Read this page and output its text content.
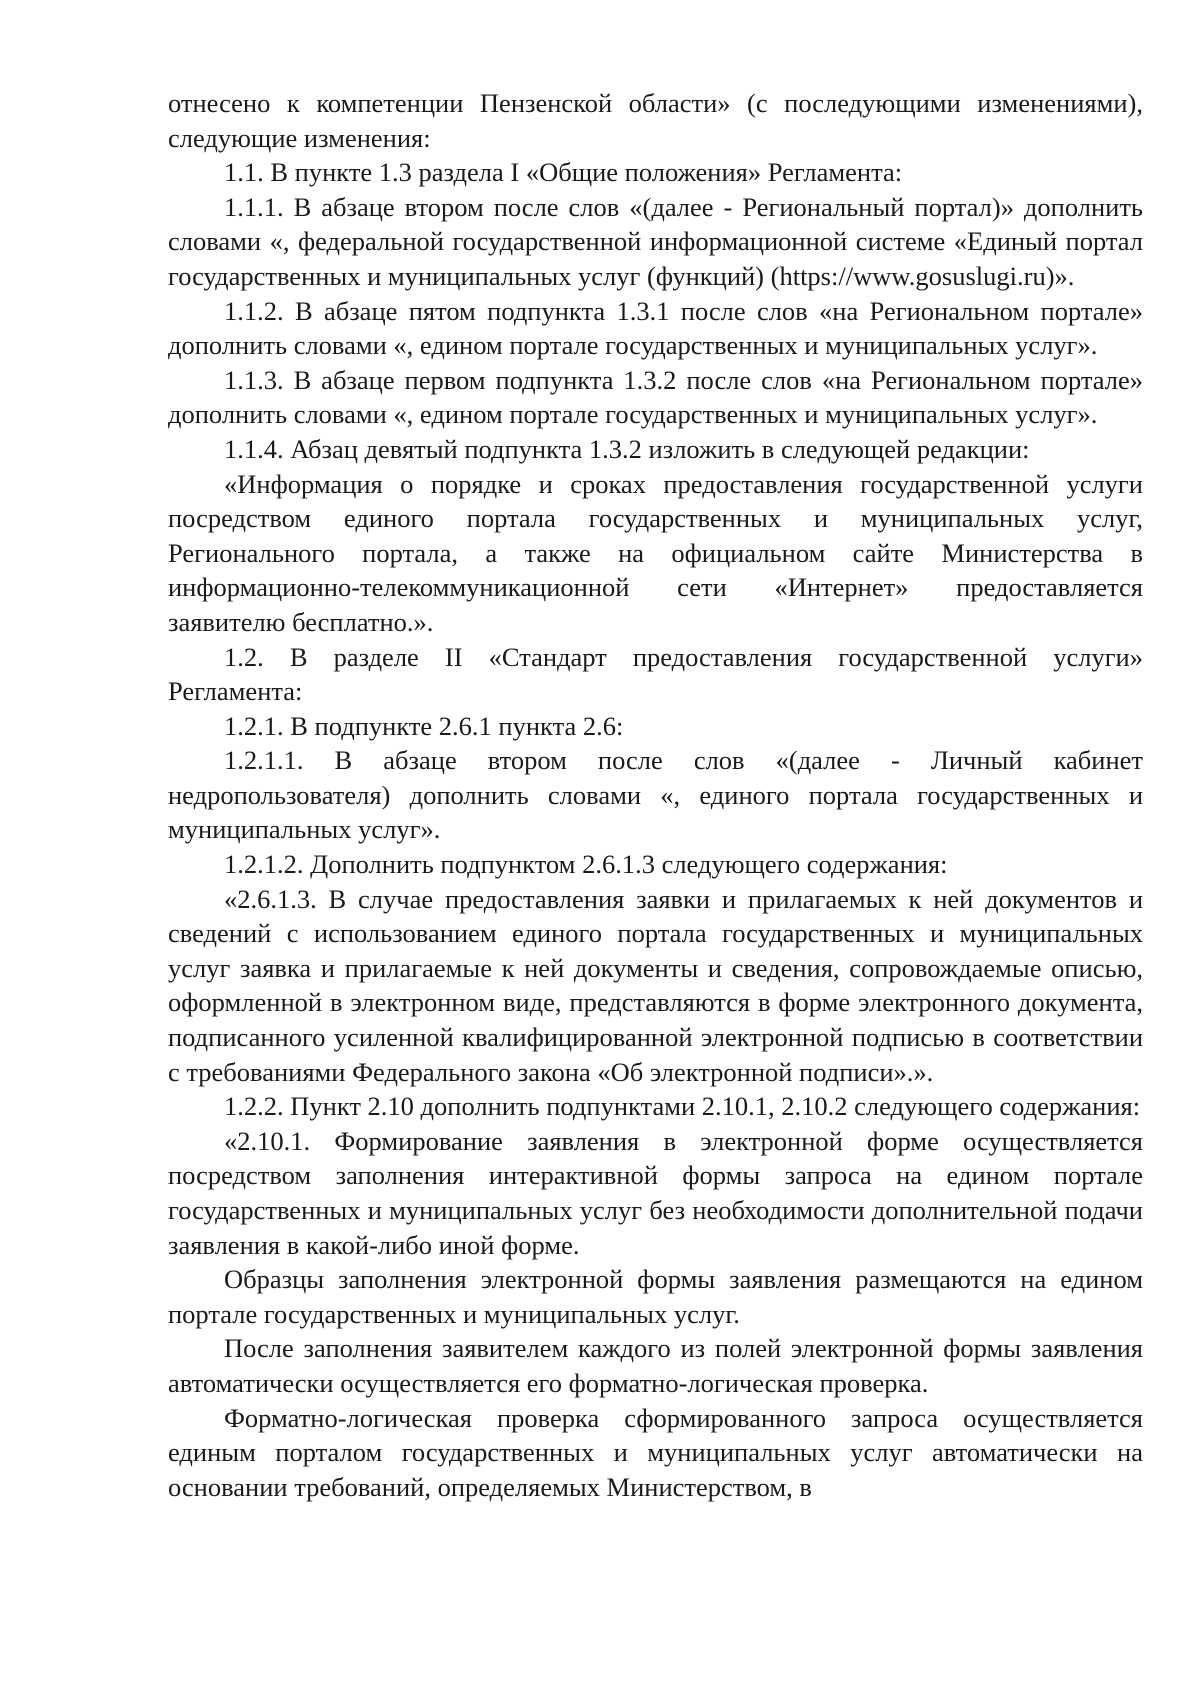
отнесено к компетенции Пензенской области» (с последующими изменениями), следующие изменения:

1.1. В пункте 1.3 раздела I «Общие положения» Регламента:

1.1.1. В абзаце втором после слов «(далее - Региональный портал)» дополнить словами «, федеральной государственной информационной системе «Единый портал государственных и муниципальных услуг (функций) (https://www.gosuslugi.ru)».

1.1.2. В абзаце пятом подпункта 1.3.1 после слов «на Региональном портале» дополнить словами «, едином портале государственных и муниципальных услуг».

1.1.3. В абзаце первом подпункта 1.3.2 после слов «на Региональном портале» дополнить словами «, едином портале государственных и муниципальных услуг».

1.1.4. Абзац девятый подпункта 1.3.2 изложить в следующей редакции:

«Информация о порядке и сроках предоставления государственной услуги посредством единого портала государственных и муниципальных услуг, Регионального портала, а также на официальном сайте Министерства в информационно-телекоммуникационной сети «Интернет» предоставляется заявителю бесплатно.».

1.2. В разделе II «Стандарт предоставления государственной услуги» Регламента:

1.2.1. В подпункте 2.6.1 пункта 2.6:

1.2.1.1. В абзаце втором после слов «(далее - Личный кабинет недропользователя) дополнить словами «, единого портала государственных и муниципальных услуг».

1.2.1.2. Дополнить подпунктом 2.6.1.3 следующего содержания:

«2.6.1.3. В случае предоставления заявки и прилагаемых к ней документов и сведений с использованием единого портала государственных и муниципальных услуг заявка и прилагаемые к ней документы и сведения, сопровождаемые описью, оформленной в электронном виде, представляются в форме электронного документа, подписанного усиленной квалифицированной электронной подписью в соответствии с требованиями Федерального закона «Об электронной подписи».».

1.2.2. Пункт 2.10 дополнить подпунктами 2.10.1, 2.10.2 следующего содержания:

«2.10.1. Формирование заявления в электронной форме осуществляется посредством заполнения интерактивной формы запроса на едином портале государственных и муниципальных услуг без необходимости дополнительной подачи заявления в какой-либо иной форме.

Образцы заполнения электронной формы заявления размещаются на едином портале государственных и муниципальных услуг.

После заполнения заявителем каждого из полей электронной формы заявления автоматически осуществляется его форматно-логическая проверка.

Форматно-логическая проверка сформированного запроса осуществляется единым порталом государственных и муниципальных услуг автоматически на основании требований, определяемых Министерством, в
